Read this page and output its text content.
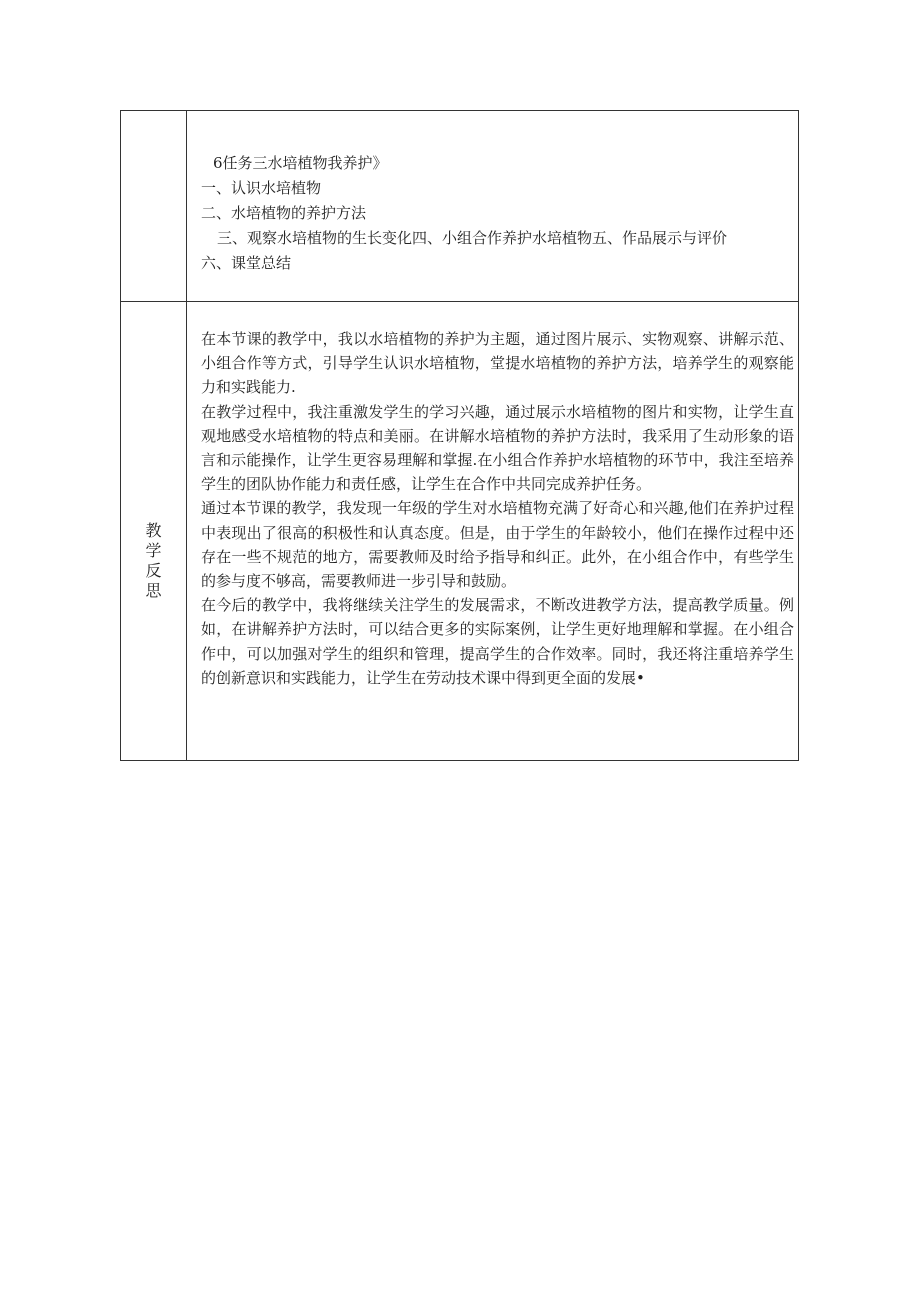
	6任务三水培植物我养护》
一、认识水培植物
二、水培植物的养护方法
三、观察水培植物的生长变化四、小组合作养护水培植物五、作品展示与评价
六、课堂总结

教学反思	在本节课的教学中，我以水培植物的养护为主题，通过图片展示、实物观察、讲解示范、小组合作等方式，引导学生认识水培植物，堂提水培植物的养护方法，培养学生的观察能力和实践能力.

在教学过程中，我注重激发学生的学习兴趣，通过展示水培植物的图片和实物，让学生直观地感受水培植物的特点和美丽。在讲解水培植物的养护方法时，我采用了生动形象的语言和示能操作，让学生更容易理解和掌握.在小组合作养护水培植物的环节中，我注至培养学生的团队协作能力和责任感，让学生在合作中共同完成养护任务。

通过本节课的教学，我发现一年级的学生对水培植物充满了好奇心和兴趣,他们在养护过程中表现出了很高的积极性和认真态度。但是，由于学生的年龄较小，他们在操作过程中还存在一些不规范的地方，需要教师及时给予指导和纠正。此外，在小组合作中，有些学生的参与度不够高，需要教师进一步引导和鼓励。

在今后的教学中，我将继续关注学生的发展需求，不断改进教学方法，提高教学质量。例如，在讲解养护方法时，可以结合更多的实际案例，让学生更好地理解和掌握。在小组合作中，可以加强对学生的组织和管理，提高学生的合作效率。同时，我还将注重培养学生的创新意识和实践能力，让学生在劳动技术课中得到更全面的发展•
